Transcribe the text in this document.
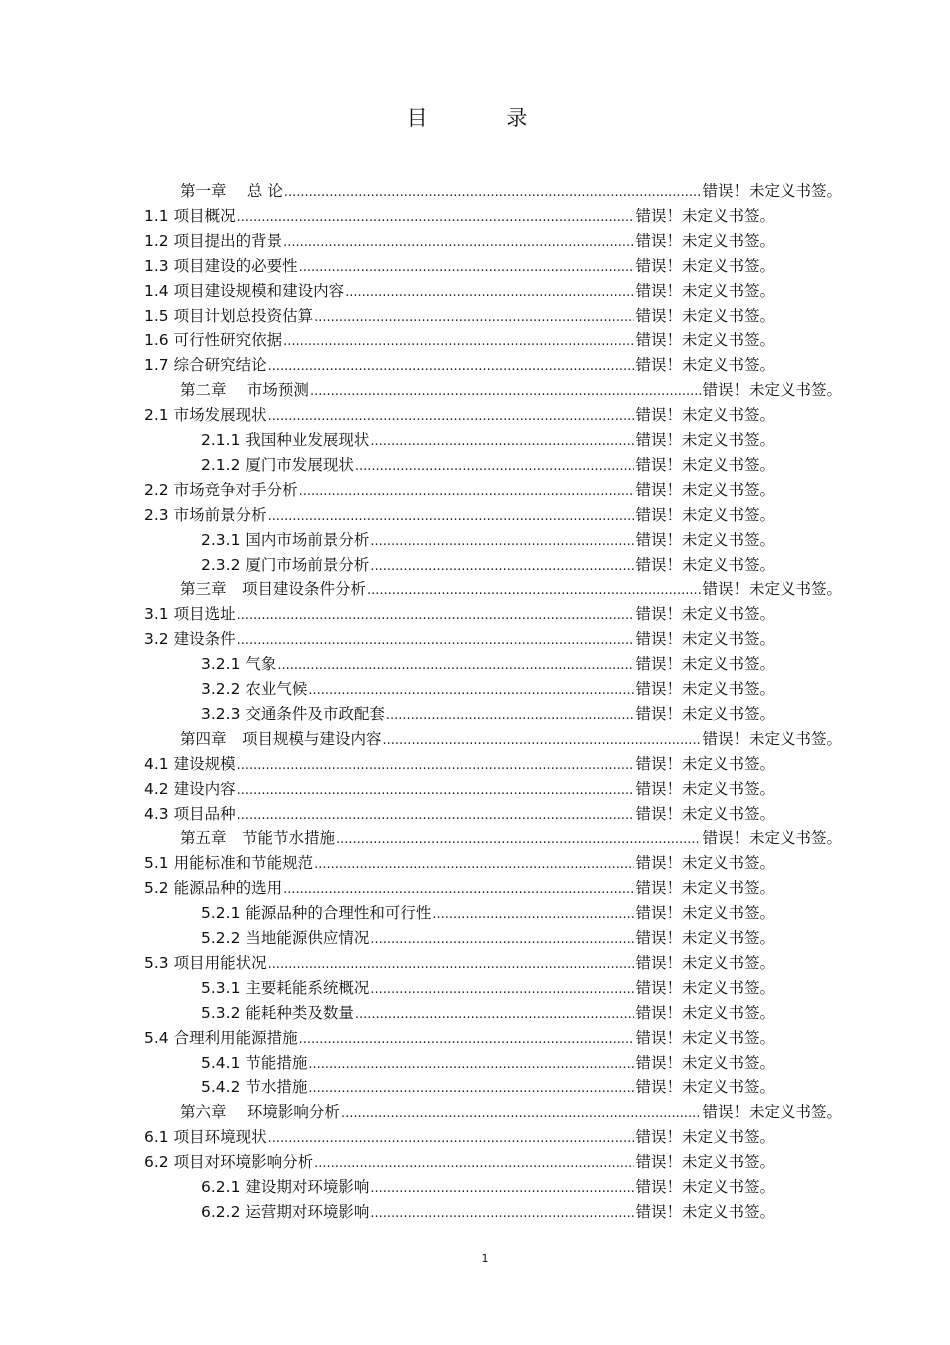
目 录
第一章　 总 论 .....	错误！未定义书签。
1.1 项目概况 .....	错误！未定义书签。
1.2 项目提出的背景 .....	错误！未定义书签。
1.3 项目建设的必要性 .....	错误！未定义书签。
1.4 项目建设规模和建设内容 .....	错误！未定义书签。
1.5 项目计划总投资估算 .....	错误！未定义书签。
1.6 可行性研究依据 .....	错误！未定义书签。
1.7 综合研究结论 .....	错误！未定义书签。
第二章　 市场预测 .....	错误！未定义书签。
2.1 市场发展现状 .....	错误！未定义书签。
2.1.1 我国种业发展现状 .....	错误！未定义书签。
2.1.2 厦门市发展现状 .....	错误！未定义书签。
2.2 市场竞争对手分析 .....	错误！未定义书签。
2.3 市场前景分析 .....	错误！未定义书签。
2.3.1 国内市场前景分析 .....	错误！未定义书签。
2.3.2 厦门市场前景分析 .....	错误！未定义书签。
第三章　项目建设条件分析 .....	错误！未定义书签。
3.1 项目选址 .....	错误！未定义书签。
3.2 建设条件 .....	错误！未定义书签。
3.2.1 气象 .....	错误！未定义书签。
3.2.2 农业气候 .....	错误！未定义书签。
3.2.3 交通条件及市政配套 .....	错误！未定义书签。
第四章　项目规模与建设内容 .....	错误！未定义书签。
4.1 建设规模 .....	错误！未定义书签。
4.2 建设内容 .....	错误！未定义书签。
4.3 项目品种 .....	错误！未定义书签。
第五章　节能节水措施 .....	错误！未定义书签。
5.1 用能标准和节能规范 .....	错误！未定义书签。
5.2 能源品种的选用 .....	错误！未定义书签。
5.2.1 能源品种的合理性和可行性 .....	错误！未定义书签。
5.2.2 当地能源供应情况 .....	错误！未定义书签。
5.3 项目用能状况 .....	错误！未定义书签。
5.3.1 主要耗能系统概况 .....	错误！未定义书签。
5.3.2 能耗种类及数量 .....	错误！未定义书签。
5.4 合理利用能源措施 .....	错误！未定义书签。
5.4.1 节能措施 .....	错误！未定义书签。
5.4.2 节水措施 .....	错误！未定义书签。
第六章　 环境影响分析 .....	错误！未定义书签。
6.1 项目环境现状 .....	错误！未定义书签。
6.2 项目对环境影响分析 .....	错误！未定义书签。
6.2.1 建设期对环境影响 .....	错误！未定义书签。
6.2.2 运营期对环境影响 .....	错误！未定义书签。
1
